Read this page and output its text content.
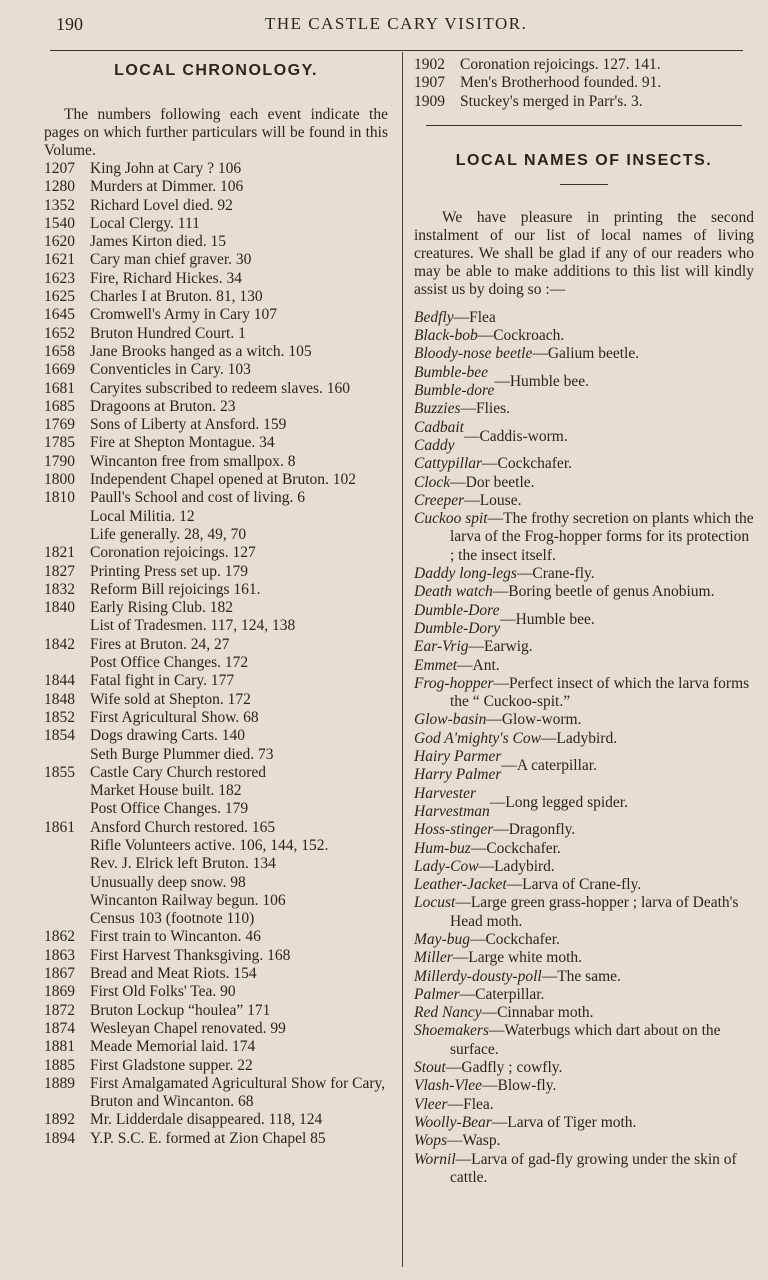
190	THE CASTLE CARY VISITOR.
LOCAL CHRONOLOGY.

The numbers following each event indicate the pages on which further particulars will be found in this Volume.

1207 King John at Cary ? 106
1280 Murders at Dimmer. 106
1352 Richard Lovel died. 92
1540 Local Clergy. 111
1620 James Kirton died. 15
1621 Cary man chief graver. 30
1623 Fire, Richard Hickes. 34
1625 Charles I at Bruton. 81, 130
1645 Cromwell's Army in Cary 107
1652 Bruton Hundred Court. 1
1658 Jane Brooks hanged as a witch. 105
1669 Conventicles in Cary. 103
1681 Caryites subscribed to redeem slaves. 160
1685 Dragoons at Bruton. 23
1769 Sons of Liberty at Ansford. 159
1785 Fire at Shepton Montague. 34
1790 Wincanton free from smallpox. 8
1800 Independent Chapel opened at Bruton. 102
1810 Paull's School and cost of living. 6
Local Militia. 12
Life generally. 28, 49, 70
1821 Coronation rejoicings. 127
1827 Printing Press set up. 179
1832 Reform Bill rejoicings 161.
1840 Early Rising Club. 182
List of Tradesmen. 117, 124, 138
1842 Fires at Bruton. 24, 27
Post Office Changes. 172
1844 Fatal fight in Cary. 177
1848 Wife sold at Shepton. 172
1852 First Agricultural Show. 68
1854 Dogs drawing Carts. 140
Seth Burge Plummer died. 73
1855 Castle Cary Church restored
Market House built. 182
Post Office Changes. 179
1861 Ansford Church restored. 165
Rifle Volunteers active. 106, 144, 152.
Rev. J. Elrick left Bruton. 134
Unusually deep snow. 98
Wincanton Railway begun. 106
Census 103 (footnote 110)
1862 First train to Wincanton. 46
1863 First Harvest Thanksgiving. 168
1867 Bread and Meat Riots. 154
1869 First Old Folks' Tea. 90
1872 Bruton Lockup “houlea” 171
1874 Wesleyan Chapel renovated. 99
1881 Meade Memorial laid. 174
1885 First Gladstone supper. 22
1889 First Amalgamated Agricultural Show for Cary, Bruton and Wincanton. 68
1892 Mr. Lidderdale disappeared. 118, 124
1894 Y.P. S.C. E. formed at Zion Chapel 85
1902 Coronation rejoicings. 127. 141.
1907 Men's Brotherhood founded. 91.
1909 Stuckey's merged in Parr's. 3.
LOCAL NAMES OF INSECTS.

We have pleasure in printing the second instalment of our list of local names of living creatures. We shall be glad if any of our readers who may be able to make additions to this list will kindly assist us by doing so :—

Bedfly—Flea
Black-bob—Cockroach.
Bloody-nose beetle—Galium beetle.
Bumble-bee
Bumble-dore
—Humble bee.
Buzzies—Flies.
Cadbait
Caddy
—Caddis-worm.
Cattypillar—Cockchafer.
Clock—Dor beetle.
Creeper—Louse.
Cuckoo spit—The frothy secretion on plants which the larva of the Frog-hopper forms for its protection ; the insect itself.
Daddy long-legs—Crane-fly.
Death watch—Boring beetle of genus Anobium.
Dumble-Dore
Dumble-Dory
—Humble bee.
Ear-Vrig—Earwig.
Emmet—Ant.
Frog-hopper—Perfect insect of which the larva forms the “ Cuckoo-spit.”
Glow-basin—Glow-worm.
God A'mighty's Cow—Ladybird.
Hairy Parmer
Harry Palmer
—A caterpillar.
Harvester
Harvestman
—Long legged spider.
Hoss-stinger—Dragonfly.
Hum-buz—Cockchafer.
Lady-Cow—Ladybird.
Leather-Jacket—Larva of Crane-fly.
Locust—Large green grass-hopper ; larva of Death's Head moth.
May-bug—Cockchafer.
Miller—Large white moth.
Millerdy-dousty-poll—The same.
Palmer—Caterpillar.
Red Nancy—Cinnabar moth.
Shoemakers—Waterbugs which dart about on the surface.
Stout—Gadfly ; cowfly.
Vlash-Vlee—Blow-fly.
Vleer—Flea.
Woolly-Bear—Larva of Tiger moth.
Wops—Wasp.
Wornil—Larva of gad-fly growing under the skin of cattle.
